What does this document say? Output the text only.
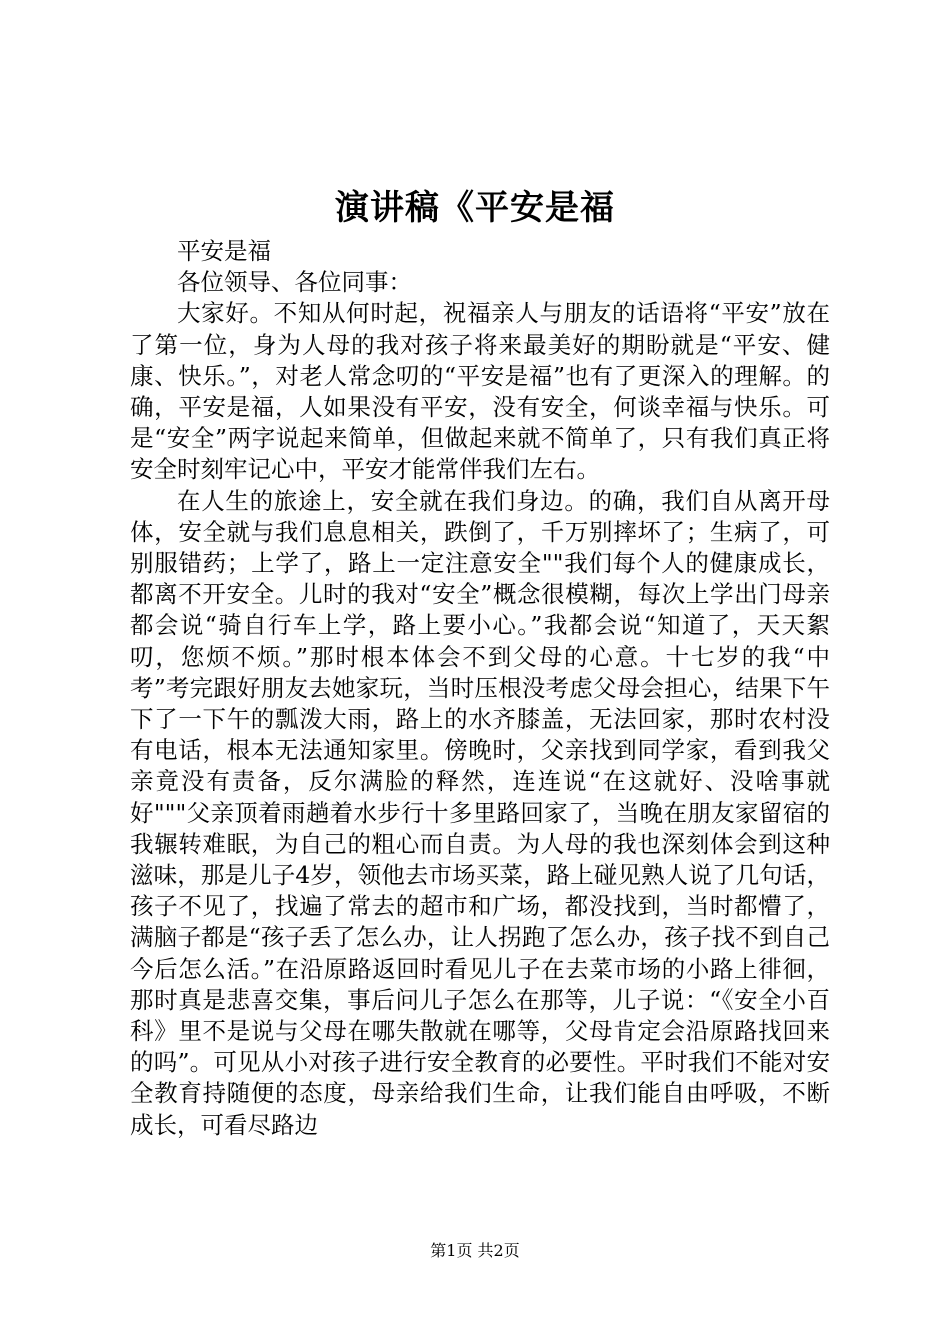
演讲稿《平安是福

平安是福

各位领导、各位同事：

大家好。不知从何时起，祝福亲人与朋友的话语将“平安”放在了第一位，身为人母的我对孩子将来最美好的期盼就是“平安、健康、快乐。”，对老人常念叨的“平安是福”也有了更深入的理解。的确，平安是福，人如果没有平安，没有安全，何谈幸福与快乐。可是“安全”两字说起来简单，但做起来就不简单了，只有我们真正将安全时刻牢记心中，平安才能常伴我们左右。

在人生的旅途上，安全就在我们身边。的确，我们自从离开母体，安全就与我们息息相关，跌倒了，千万别摔坏了；生病了，可别服错药；上学了，路上一定注意安全""我们每个人的健康成长，都离不开安全。儿时的我对“安全”概念很模糊，每次上学出门母亲都会说“骑自行车上学，路上要小心。”我都会说“知道了，天天絮叨，您烦不烦。”那时根本体会不到父母的心意。十七岁的我“中考”考完跟好朋友去她家玩，当时压根没考虑父母会担心，结果下午下了一下午的瓢泼大雨，路上的水齐膝盖，无法回家，那时农村没有电话，根本无法通知家里。傍晚时，父亲找到同学家，看到我父亲竟没有责备，反尔满脸的释然，连连说“在这就好、没啥事就好"""父亲顶着雨趟着水步行十多里路回家了，当晚在朋友家留宿的我辗转难眠，为自己的粗心而自责。为人母的我也深刻体会到这种滋味，那是儿子4岁，领他去市场买菜，路上碰见熟人说了几句话，孩子不见了，找遍了常去的超市和广场，都没找到，当时都懵了，满脑子都是“孩子丢了怎么办，让人拐跑了怎么办，孩子找不到自己今后怎么活。”在沿原路返回时看见儿子在去菜市场的小路上徘徊，那时真是悲喜交集，事后问儿子怎么在那等，儿子说：“《安全小百科》里不是说与父母在哪失散就在哪等，父母肯定会沿原路找回来的吗”。可见从小对孩子进行安全教育的必要性。平时我们不能对安全教育持随便的态度，母亲给我们生命，让我们能自由呼吸，不断成长，可看尽路边

第1页 共2页
